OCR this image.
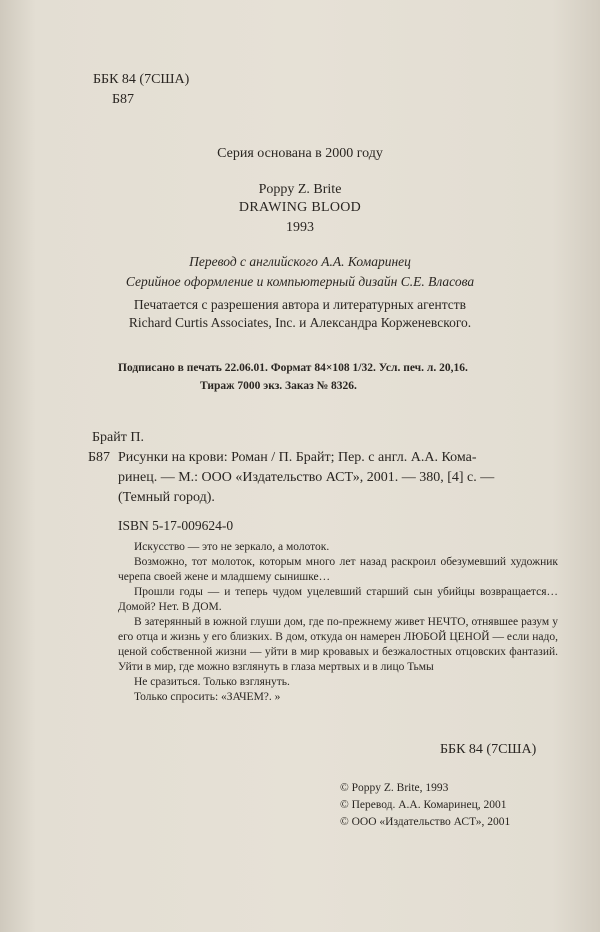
ББК 84 (7США)
Б87
Серия основана в 2000 году
Poppy Z. Brite
DRAWING BLOOD
1993
Перевод с английского А.А. Комаринец
Серийное оформление и компьютерный дизайн С.Е. Власова
Печатается с разрешения автора и литературных агентств
Richard Curtis Associates, Inc. и Александра Корженевского.
Подписано в печать 22.06.01. Формат 84×108 1/32. Усл. печ. л. 20,16.
Тираж 7000 экз. Заказ № 8326.
Брайт П.
Б87 Рисунки на крови: Роман / П. Брайт; Пер. с англ. А.А. Кома-
ринец. — М.: ООО «Издательство АСТ», 2001. — 380, [4] с. —
(Темный город).
ISBN 5-17-009624-0

Искусство — это не зеркало, а молоток.

Возможно, тот молоток, которым много лет назад раскроил обезумевший художник черепа своей жене и младшему сынишке…

Прошли годы — и теперь чудом уцелевший старший сын убийцы возвращается… Домой? Нет. В ДОМ.

В затерянный в южной глуши дом, где по-прежнему живет НЕЧТО, отнявшее разум у его отца и жизнь у его близких. В дом, откуда он намерен ЛЮБОЙ ЦЕНОЙ — если надо, ценой собственной жизни — уйти в мир кровавых и безжалостных отцовских фантазий. Уйти в мир, где можно взглянуть в глаза мертвых и в лицо Тьмы

Не сразиться. Только взглянуть.

Только спросить: «ЗАЧЕМ?. »

ББК 84 (7США)
© Poppy Z. Brite, 1993
© Перевод. А.А. Комаринец, 2001
© ООО «Издательство АСТ», 2001
